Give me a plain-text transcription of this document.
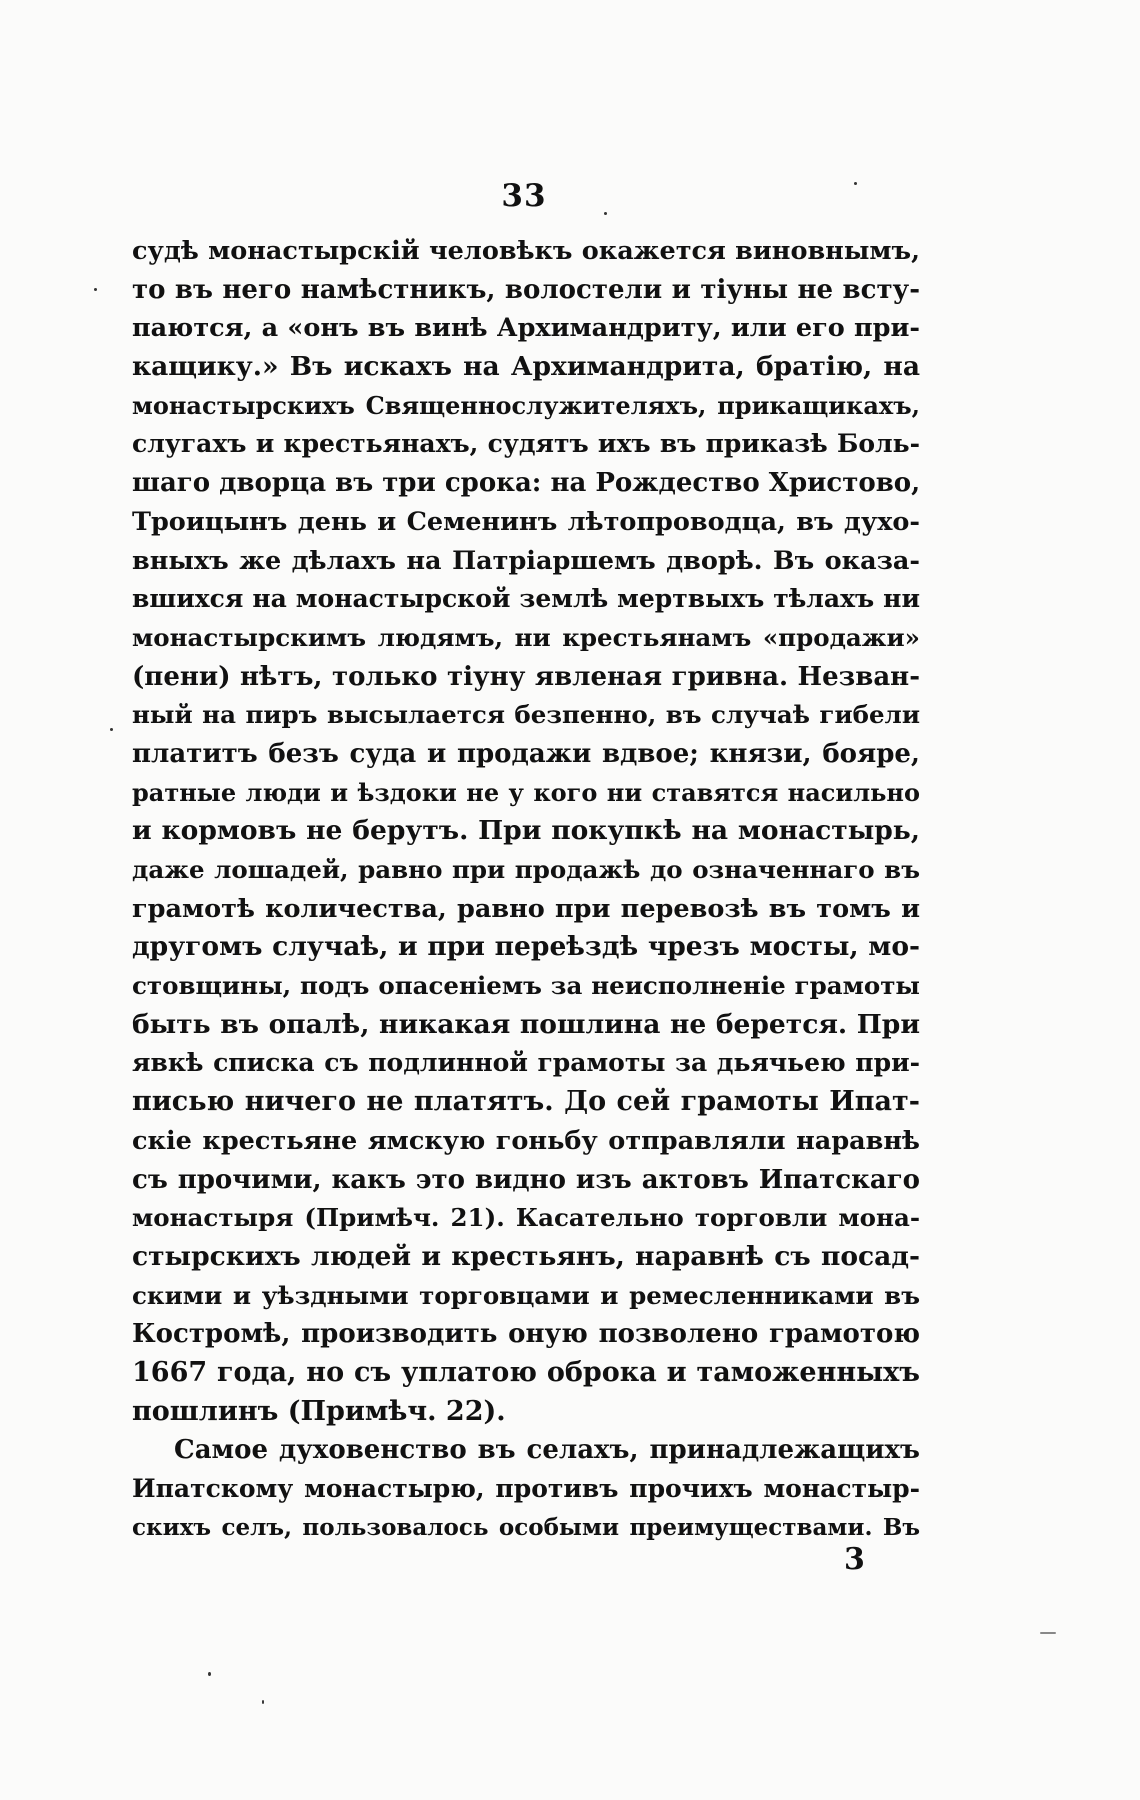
33
судѣ монастырскій человѣкъ окажется виновнымъ,
то въ него намѣстникъ, волостели и тіуны не всту-
паются, а «онъ въ винѣ Архимандриту, или его при-
кащику.» Въ искахъ на Архимандрита, братію, на
монастырскихъ Священнослужителяхъ, прикащикахъ,
слугахъ и крестьянахъ, судятъ ихъ въ приказѣ Боль-
шаго дворца въ три срока: на Рождество Христово,
Троицынъ день и Семенинъ лѣтопроводца, въ духо-
вныхъ же дѣлахъ на Патріаршемъ дворѣ. Въ оказа-
вшихся на монастырской землѣ мертвыхъ тѣлахъ ни
монастырскимъ людямъ, ни крестьянамъ «продажи»
(пени) нѣтъ, только тіуну явленая гривна. Незван-
ный на пиръ высылается безпенно, въ случаѣ гибели
платитъ безъ суда и продажи вдвое; князи, бояре,
ратные люди и ѣздоки не у кого ни ставятся насильно
и кормовъ не берутъ. При покупкѣ на монастырь,
даже лошадей, равно при продажѣ до означеннаго въ
грамотѣ количества, равно при перевозѣ въ томъ и
другомъ случаѣ, и при переѣздѣ чрезъ мосты, мо-
стовщины, подъ опасеніемъ за неисполненіе грамоты
быть въ опалѣ, никакая пошлина не берется. При
явкѣ списка съ подлинной грамоты за дьячьею при-
писью ничего не платятъ. До сей грамоты Ипат-
скіе крестьяне ямскую гоньбу отправляли наравнѣ
съ прочими, какъ это видно изъ актовъ Ипатскаго
монастыря (Примѣч. 21). Касательно торговли мона-
стырскихъ людей и крестьянъ, наравнѣ съ посад-
скими и уѣздными торговцами и ремесленниками въ
Костромѣ, производить оную позволено грамотою
1667 года, но съ уплатою оброка и таможенныхъ
пошлинъ (Примѣч. 22).
Самое духовенство въ селахъ, принадлежащихъ
Ипатскому монастырю, противъ прочихъ монастыр-
скихъ селъ, пользовалось особыми преимуществами. Въ
3
